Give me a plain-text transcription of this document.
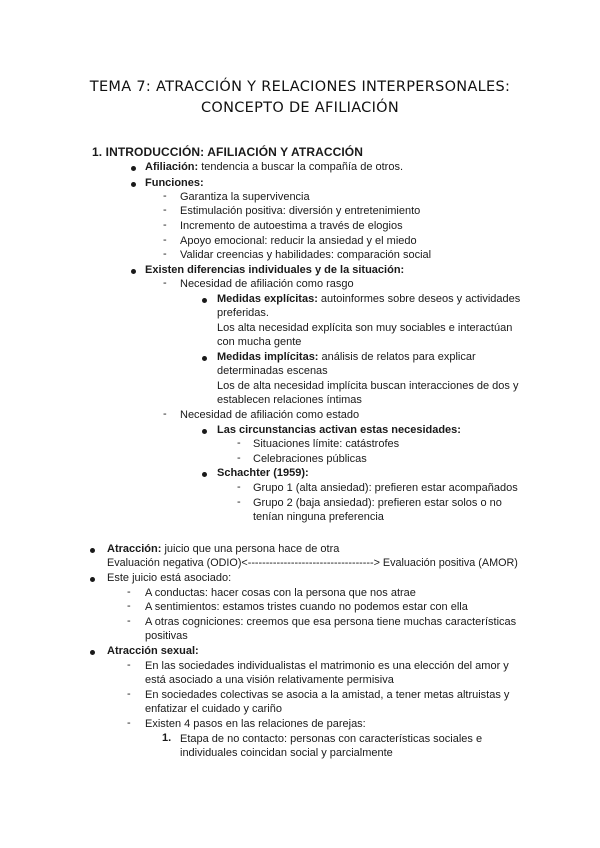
TEMA 7: ATRACCIÓN Y RELACIONES INTERPERSONALES:
CONCEPTO DE AFILIACIÓN
1. INTRODUCCIÓN: AFILIACIÓN Y ATRACCIÓN
Afiliación: tendencia a buscar la compañía de otros.
Funciones:
- Garantiza la supervivencia
- Estimulación positiva: diversión y entretenimiento
- Incremento de autoestima a través de elogios
- Apoyo emocional: reducir la ansiedad y el miedo
- Validar creencias y habilidades: comparación social
Existen diferencias individuales y de la situación:
- Necesidad de afiliación como rasgo
Medidas explícitas: autoinformes sobre deseos y actividades
preferidas.
Los alta necesidad explícita son muy sociables e interactúan
con mucha gente
Medidas implícitas: análisis de relatos para explicar
determinadas escenas
Los de alta necesidad implícita buscan interacciones de dos y
establecen relaciones íntimas
- Necesidad de afiliación como estado
Las circunstancias activan estas necesidades:
- Situaciones límite: catástrofes
- Celebraciones públicas
Schachter (1959):
- Grupo 1 (alta ansiedad): prefieren estar acompañados
- Grupo 2 (baja ansiedad): prefieren estar solos o no
tenían ninguna preferencia
Atracción: juicio que una persona hace de otra
Evaluación negativa (ODIO)<-----------------------------------> Evaluación positiva (AMOR)
Este juicio está asociado:
- A conductas: hacer cosas con la persona que nos atrae
- A sentimientos: estamos tristes cuando no podemos estar con ella
- A otras cogniciones: creemos que esa persona tiene muchas características
positivas
Atracción sexual:
- En las sociedades individualistas el matrimonio es una elección del amor y
está asociado a una visión relativamente permisiva
- En sociedades colectivas se asocia a la amistad, a tener metas altruistas y
enfatizar el cuidado y cariño
- Existen 4 pasos en las relaciones de parejas:
1. Etapa de no contacto: personas con características sociales e
individuales coincidan social y parcialmente
